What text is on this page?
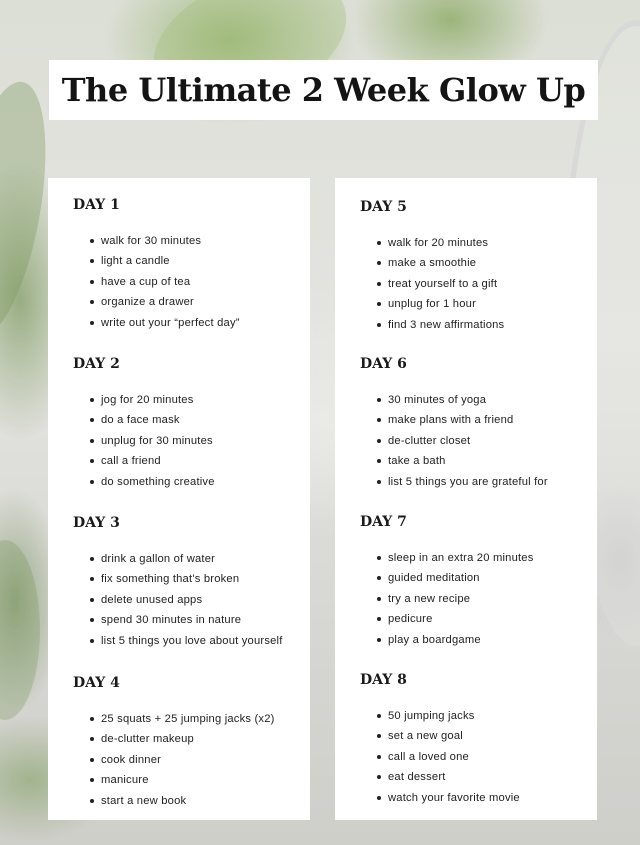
The Ultimate 2 Week Glow Up
DAY 1
walk for 30 minutes
light a candle
have a cup of tea
organize a drawer
write out your “perfect day”
DAY 2
jog for 20 minutes
do a face mask
unplug for 30 minutes
call a friend
do something creative
DAY 3
drink a gallon of water
fix something that’s broken
delete unused apps
spend 30 minutes in nature
list 5 things you love about yourself
DAY 4
25 squats + 25 jumping jacks (x2)
de-clutter makeup
cook dinner
manicure
start a new book
DAY 5
walk for 20 minutes
make a smoothie
treat yourself to a gift
unplug for 1 hour
find 3 new affirmations
DAY 6
30 minutes of yoga
make plans with a friend
de-clutter closet
take a bath
list 5 things you are grateful for
DAY 7
sleep in an extra 20 minutes
guided meditation
try a new recipe
pedicure
play a boardgame
DAY 8
50 jumping jacks
set a new goal
call a loved one
eat dessert
watch your favorite movie
